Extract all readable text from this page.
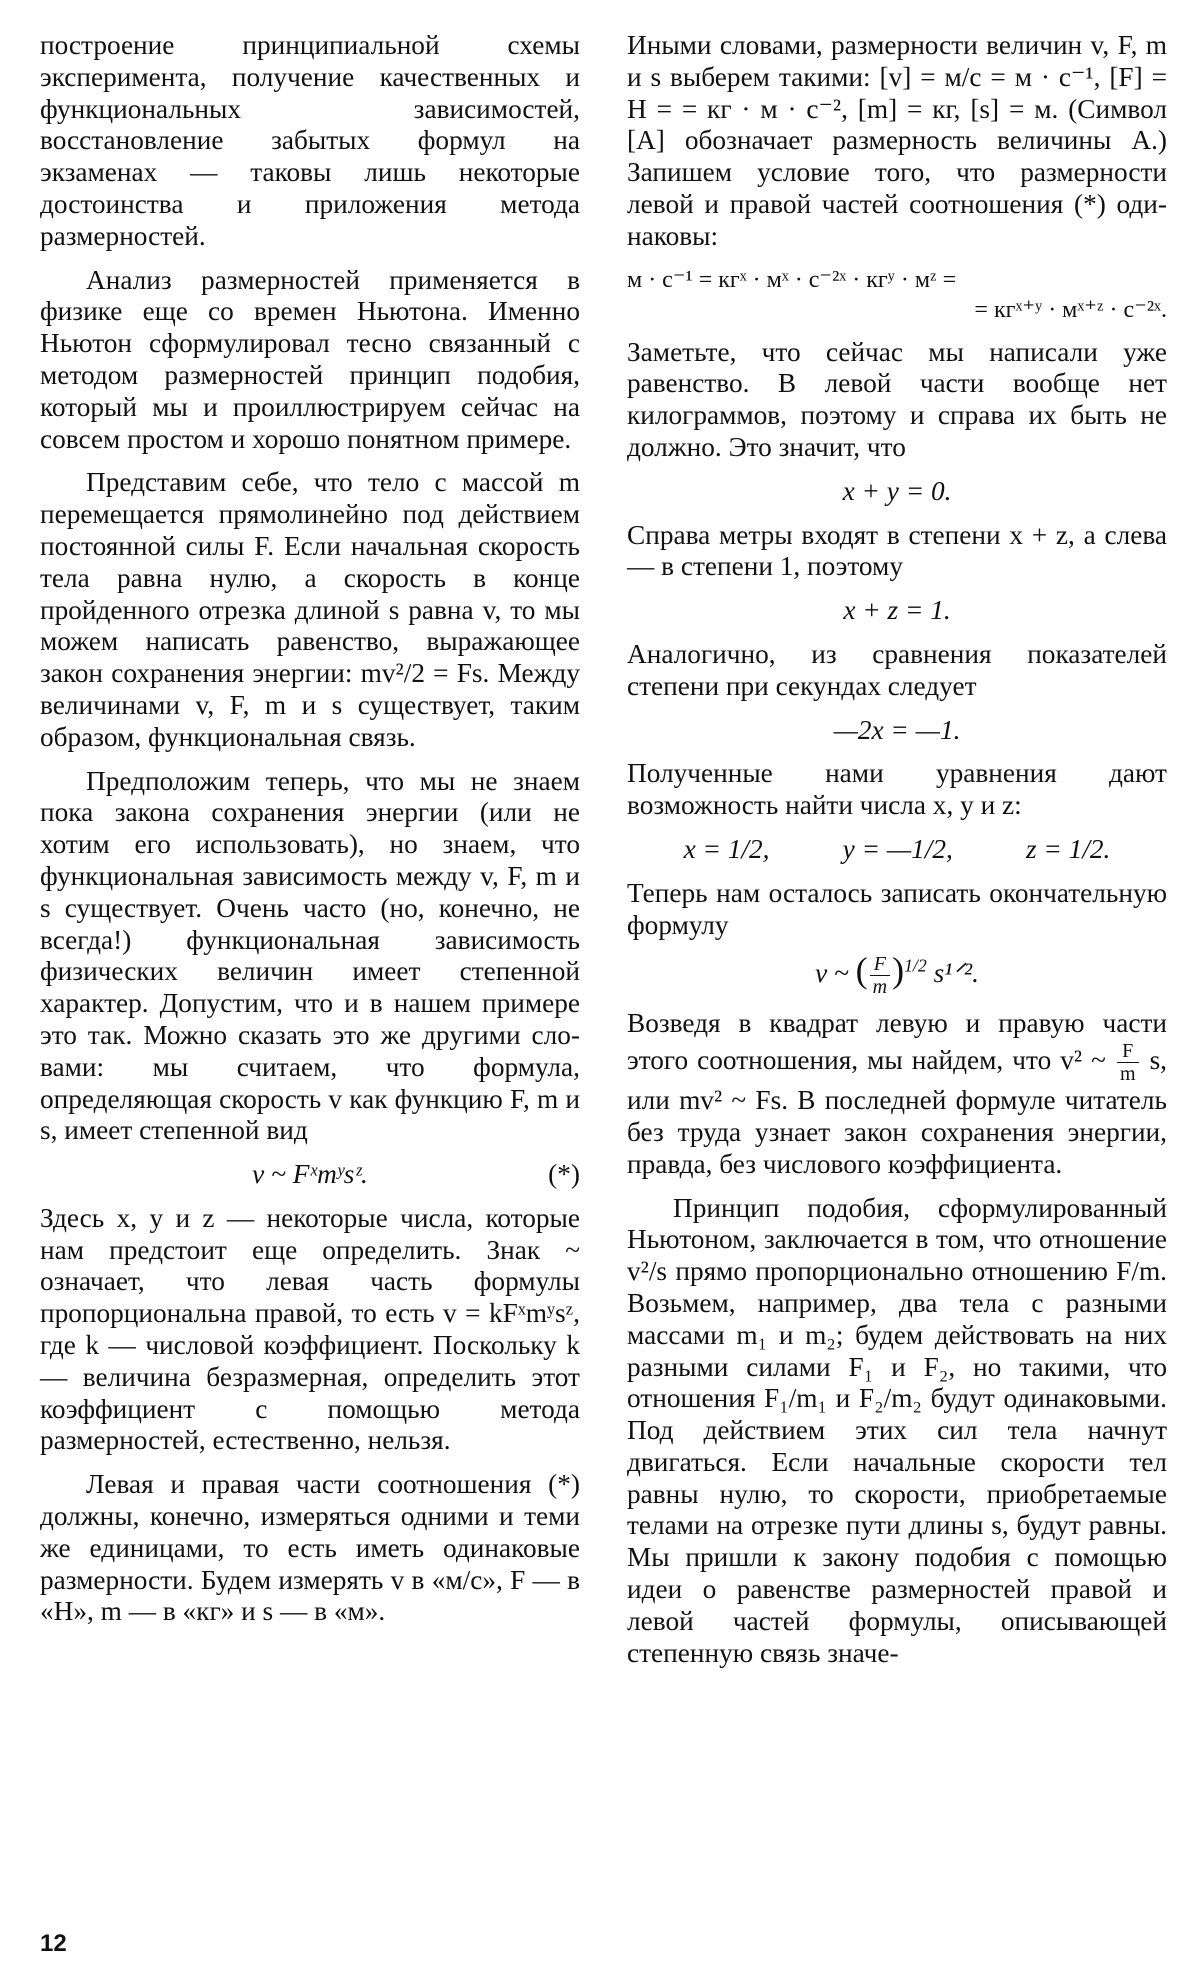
построение принципиальной схемы эксперимента, получение качественных и функциональных зависимостей, восстановление забытых формул на экзаменах — таковы лишь некоторые достоинства и приложения метода размерностей.

Анализ размерностей применяется в физике еще со времен Ньютона. Именно Ньютон сформулировал тесно связанный с методом размерностей принцип подобия, который мы и проиллюстрируем сейчас на совсем простом и хорошо понятном примере.

Представим себе, что тело с массой m перемещается прямолинейно под действием постоянной силы F. Если начальная скорость тела равна нулю, а скорость в конце пройденного отрезка длиной s равна v, то мы можем написать равенство, выражающее закон сохранения энергии: mv²/2 = Fs. Между величинами v, F, m и s существует, таким образом, функциональная связь.

Предположим теперь, что мы не знаем пока закона сохранения энергии (или не хотим его использовать), но знаем, что функциональная зависимость между v, F, m и s существует. Очень часто (но, конечно, не всегда!) функциональная зависимость физических величин имеет степенной характер. Допустим, что и в нашем примере это так. Можно сказать это же другими словами: мы считаем, что формула, определяющая скорость v как функцию F, m и s, имеет степенной вид

v ~ Fˣmʸsᶻ.	(*)

Здесь x, y и z — некоторые числа, которые нам предстоит еще определить. Знак ~ означает, что левая часть формулы пропорциональна правой, то есть v = kFˣmʸsᶻ, где k — числовой коэффициент. Поскольку k — величина безразмерная, определить этот коэффициент с помощью метода размерностей, естественно, нельзя.

Левая и правая части соотношения (*) должны, конечно, измеряться одними и теми же единицами, то есть иметь одинаковые размерности. Будем измерять v в «м/с», F — в «Н», m — в «кг» и s — в «м».

Иными словами, размерности величин v, F, m и s выберем такими: [v] = м/с = м · с⁻¹, [F] = Н = = кг · м · с⁻², [m] = кг, [s] = м. (Символ [A] обозначает размерность величины A.) Запишем условие того, что размерности левой и правой частей соотношения (*) одинаковы:

м · с⁻¹ = кгˣ · мˣ · с⁻²ˣ · кгʸ · мᶻ =
= кгˣ⁺ʸ · мˣ⁺ᶻ · с⁻²ˣ.

Заметьте, что сейчас мы написали уже равенство. В левой части вообще нет килограммов, поэтому и справа их быть не должно. Это значит, что

x + y = 0.

Справа метры входят в степени x + z, а слева — в степени 1, поэтому

x + z = 1.

Аналогично, из сравнения показателей степени при секундах следует

—2x = —1.

Полученные нами уравнения дают возможность найти числа x, y и z:

x = 1/2,	y = —1/2,	z = 1/2.

Теперь нам осталось записать окончательную формулу

v ~ ( $\frac{F}{m} )^{1/2}$ s¹ᐟ².

Возведя в квадрат левую и правую части этого соотношения, мы найдем, что v² ~ $\frac{F}{m} s$, или mv² ~ Fs. В последней формуле читатель без труда узнает закон сохранения энергии, правда, без числового коэффициента.

Принцип подобия, сформулированный Ньютоном, заключается в том, что отношение v²/s прямо пропорционально отношению F/m. Возьмем, например, два тела с разными массами m₁ и m₂; будем действовать на них разными силами F₁ и F₂, но такими, что отношения F₁/m₁ и F₂/m₂ будут одинаковыми. Под действием этих сил тела начнут двигаться. Если начальные скорости тел равны нулю, то скорости, приобретаемые телами на отрезке пути длины s, будут равны. Мы пришли к закону подобия с помощью идеи о равенстве размерностей правой и левой частей формулы, описывающей степенную связь значе-

12
